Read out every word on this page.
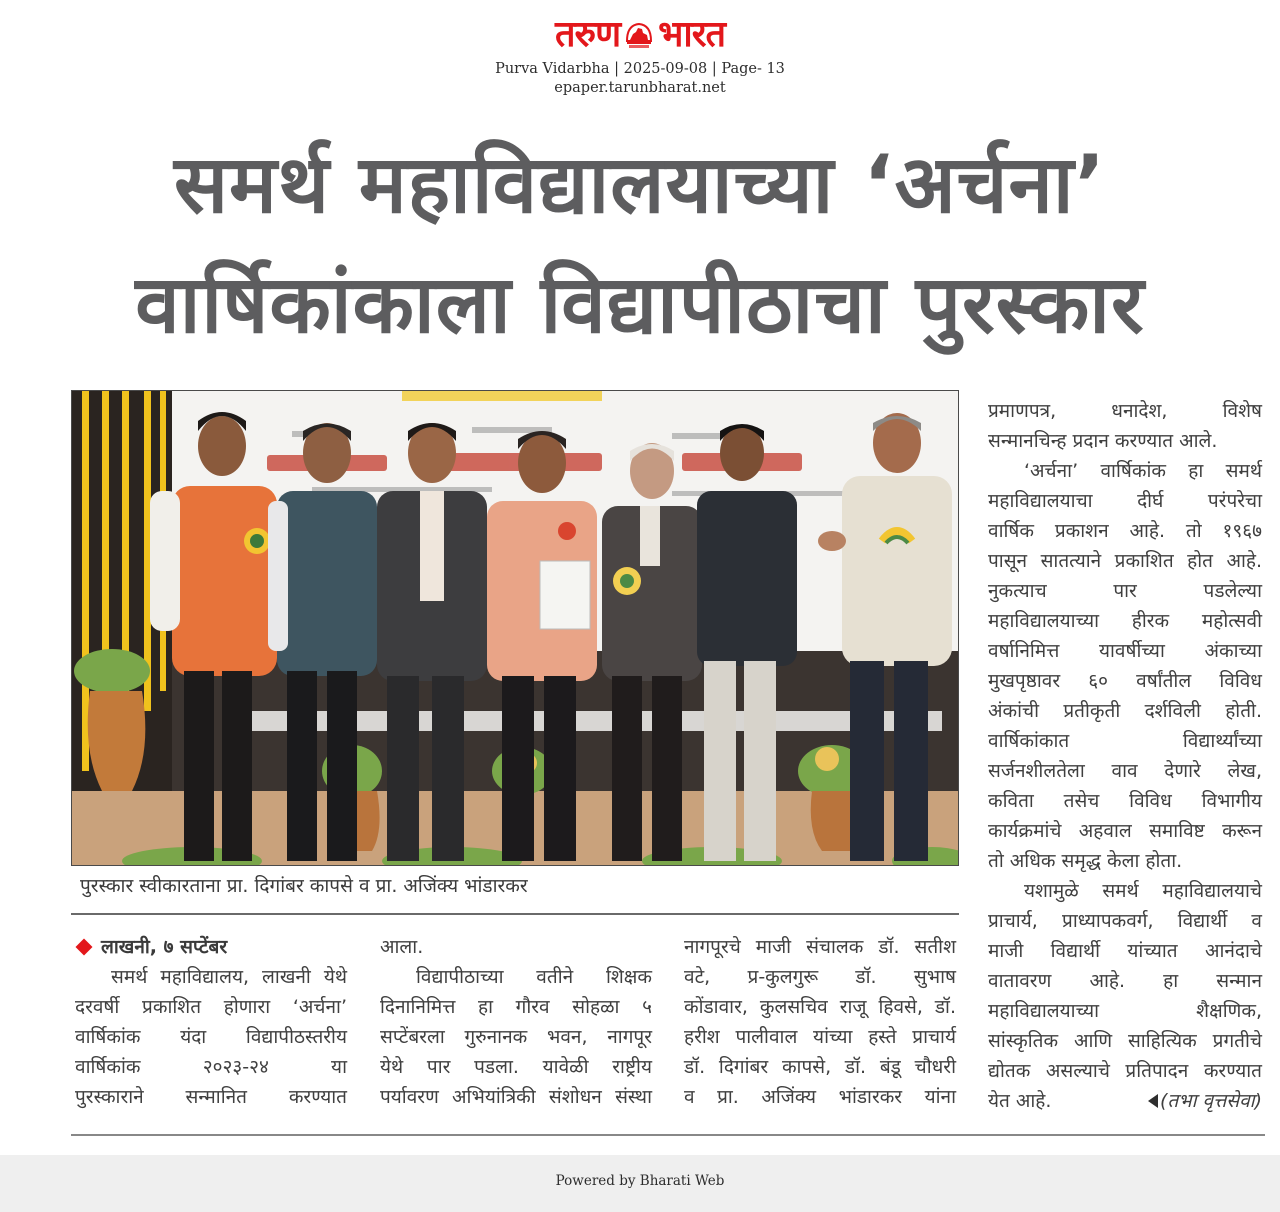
तरुण भारत
Purva Vidarbha | 2025-09-08 | Page- 13
epaper.tarunbharat.net
समर्थ महाविद्यालयाच्या ‘अर्चना’
वार्षिकांकाला विद्यापीठाचा पुरस्कार
पुरस्कार स्वीकारताना प्रा. दिगांबर कापसे व प्रा. अजिंक्य भांडारकर
लाखनी, ७ सप्टेंबर
समर्थ महाविद्यालय, लाखनी येथे
दरवर्षी प्रकाशित होणारा ‘अर्चना’
वार्षिकांक यंदा विद्यापीठस्तरीय
वार्षिकांक २०२३-२४ या
पुरस्काराने सन्मानित करण्यात
आला.
विद्यापीठाच्या वतीने शिक्षक
दिनानिमित्त हा गौरव सोहळा ५
सप्टेंबरला गुरुनानक भवन, नागपूर
येथे पार पडला. यावेळी राष्ट्रीय
पर्यावरण अभियांत्रिकी संशोधन संस्था
नागपूरचे माजी संचालक डॉ. सतीश
वटे, प्र-कुलगुरू डॉ. सुभाष
कोंडावार, कुलसचिव राजू हिवसे, डॉ.
हरीश पालीवाल यांच्या हस्ते प्राचार्य
डॉ. दिगांबर कापसे, डॉ. बंडू चौधरी
व प्रा. अजिंक्य भांडारकर यांना
प्रमाणपत्र, धनादेश, विशेष
सन्मानचिन्ह प्रदान करण्यात आले.
‘अर्चना’ वार्षिकांक हा समर्थ
महाविद्यालयाचा दीर्घ परंपरेचा
वार्षिक प्रकाशन आहे. तो १९६७
पासून सातत्याने प्रकाशित होत आहे.
नुकत्याच पार पडलेल्या
महाविद्यालयाच्या हीरक महोत्सवी
वर्षानिमित्त यावर्षीच्या अंकाच्या
मुखपृष्ठावर ६० वर्षांतील विविध
अंकांची प्रतीकृती दर्शविली होती.
वार्षिकांकात विद्यार्थ्यांच्या
सर्जनशीलतेला वाव देणारे लेख,
कविता तसेच विविध विभागीय
कार्यक्रमांचे अहवाल समाविष्ट करून
तो अधिक समृद्ध केला होता.
यशामुळे समर्थ महाविद्यालयाचे
प्राचार्य, प्राध्यापकवर्ग, विद्यार्थी व
माजी विद्यार्थी यांच्यात आनंदाचे
वातावरण आहे. हा सन्मान
महाविद्यालयाच्या शैक्षणिक,
सांस्कृतिक आणि साहित्यिक प्रगतीचे
द्योतक असल्याचे प्रतिपादन करण्यात
येत आहे.	(तभा वृत्तसेवा)
Powered by Bharati Web
